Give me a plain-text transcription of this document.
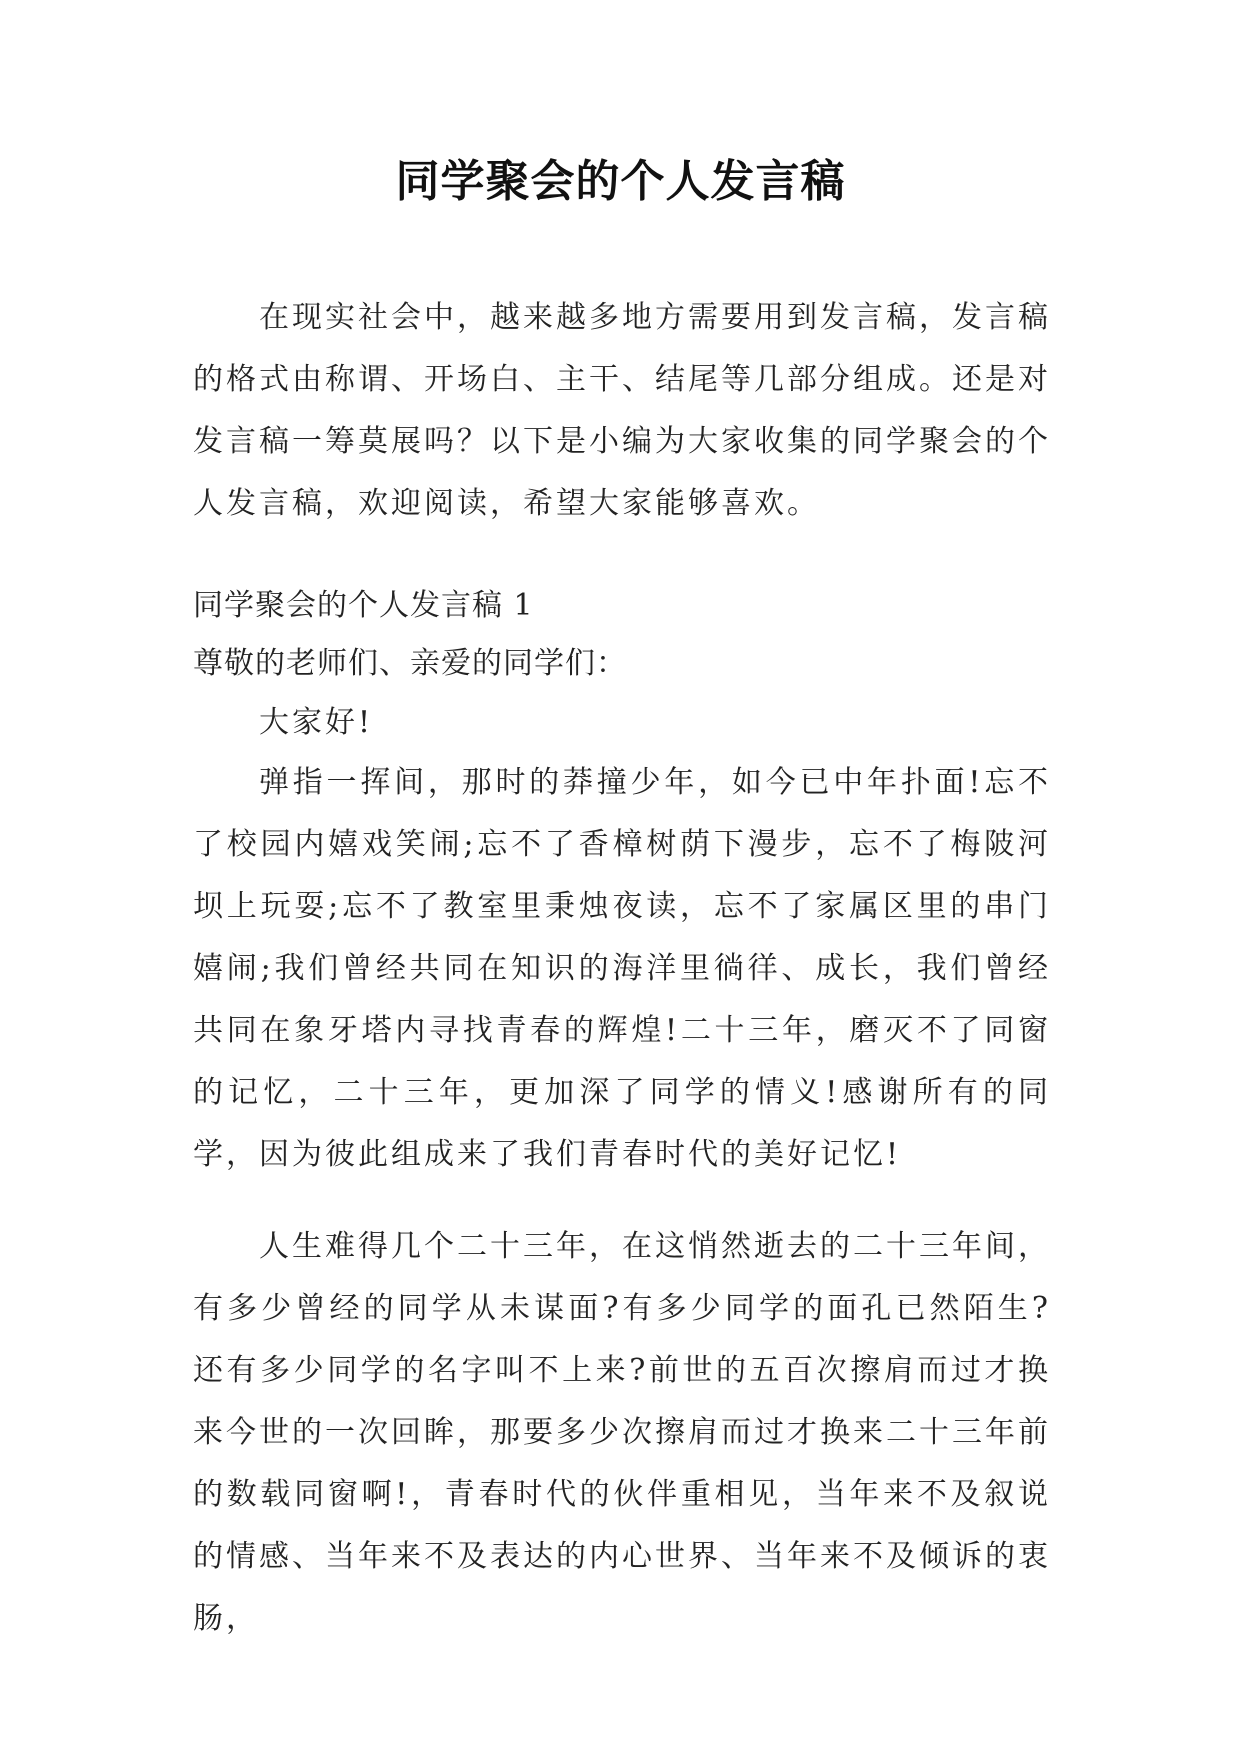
同学聚会的个人发言稿

在现实社会中，越来越多地方需要用到发言稿，发言稿的格式由称谓、开场白、主干、结尾等几部分组成。还是对发言稿一筹莫展吗？以下是小编为大家收集的同学聚会的个人发言稿，欢迎阅读，希望大家能够喜欢。

同学聚会的个人发言稿 1

尊敬的老师们、亲爱的同学们：

大家好!

弹指一挥间，那时的莽撞少年，如今已中年扑面!忘不了校园内嬉戏笑闹;忘不了香樟树荫下漫步，忘不了梅陂河坝上玩耍;忘不了教室里秉烛夜读，忘不了家属区里的串门嬉闹;我们曾经共同在知识的海洋里徜徉、成长，我们曾经共同在象牙塔内寻找青春的辉煌!二十三年，磨灭不了同窗的记忆，二十三年，更加深了同学的情义!感谢所有的同学，因为彼此组成来了我们青春时代的美好记忆!

人生难得几个二十三年，在这悄然逝去的二十三年间，有多少曾经的同学从未谋面?有多少同学的面孔已然陌生?还有多少同学的名字叫不上来?前世的五百次擦肩而过才换来今世的一次回眸，那要多少次擦肩而过才换来二十三年前的数载同窗啊!，青春时代的伙伴重相见，当年来不及叙说的情感、当年来不及表达的内心世界、当年来不及倾诉的衷肠，
